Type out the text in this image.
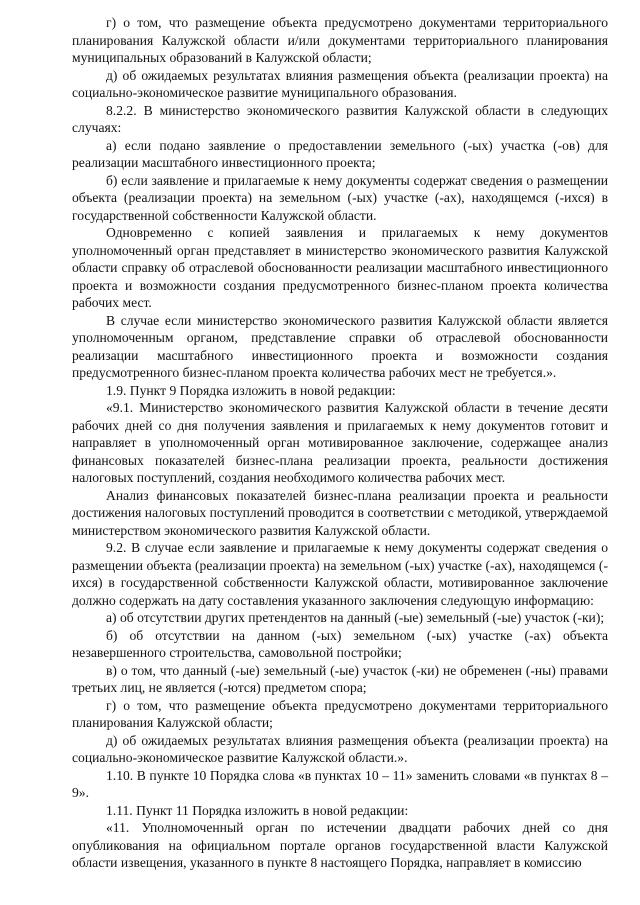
г) о том, что размещение объекта предусмотрено документами территориального планирования Калужской области и/или документами территориального планирования муниципальных образований в Калужской области;

д) об ожидаемых результатах влияния размещения объекта (реализации проекта) на социально-экономическое развитие муниципального образования.

8.2.2. В министерство экономического развития Калужской области в следующих случаях:

а) если подано заявление о предоставлении земельного (-ых) участка (-ов) для реализации масштабного инвестиционного проекта;

б) если заявление и прилагаемые к нему документы содержат сведения о размещении объекта (реализации проекта) на земельном (-ых) участке (-ах), находящемся (-ихся) в государственной собственности Калужской области.

Одновременно с копией заявления и прилагаемых к нему документов уполномоченный орган представляет в министерство экономического развития Калужской области справку об отраслевой обоснованности реализации масштабного инвестиционного проекта и возможности создания предусмотренного бизнес-планом проекта количества рабочих мест.

В случае если министерство экономического развития Калужской области является уполномоченным органом, представление справки об отраслевой обоснованности реализации масштабного инвестиционного проекта и возможности создания предусмотренного бизнес-планом проекта количества рабочих мест не требуется.».

1.9. Пункт 9 Порядка изложить в новой редакции:

«9.1. Министерство экономического развития Калужской области в течение десяти рабочих дней со дня получения заявления и прилагаемых к нему документов готовит и направляет в уполномоченный орган мотивированное заключение, содержащее анализ финансовых показателей бизнес-плана реализации проекта, реальности достижения налоговых поступлений, создания необходимого количества рабочих мест.

Анализ финансовых показателей бизнес-плана реализации проекта и реальности достижения налоговых поступлений проводится в соответствии с методикой, утверждаемой министерством экономического развития Калужской области.

9.2. В случае если заявление и прилагаемые к нему документы содержат сведения о размещении объекта (реализации проекта) на земельном (-ых) участке (-ах), находящемся (-ихся) в государственной собственности Калужской области, мотивированное заключение должно содержать на дату составления указанного заключения следующую информацию:

а) об отсутствии других претендентов на данный (-ые) земельный (-ые) участок (-ки);

б) об отсутствии на данном (-ых) земельном (-ых) участке (-ах) объекта незавершенного строительства, самовольной постройки;

в) о том, что данный (-ые) земельный (-ые) участок (-ки) не обременен (-ны) правами третьих лиц, не является (-ются) предметом спора;

г) о том, что размещение объекта предусмотрено документами территориального планирования Калужской области;

д) об ожидаемых результатах влияния размещения объекта (реализации проекта) на социально-экономическое развитие Калужской области.».

1.10. В пункте 10 Порядка слова «в пунктах 10 – 11» заменить словами «в пунктах 8 – 9».

1.11. Пункт 11 Порядка изложить в новой редакции:

«11. Уполномоченный орган по истечении двадцати рабочих дней со дня опубликования на официальном портале органов государственной власти Калужской области извещения, указанного в пункте 8 настоящего Порядка, направляет в комиссию
